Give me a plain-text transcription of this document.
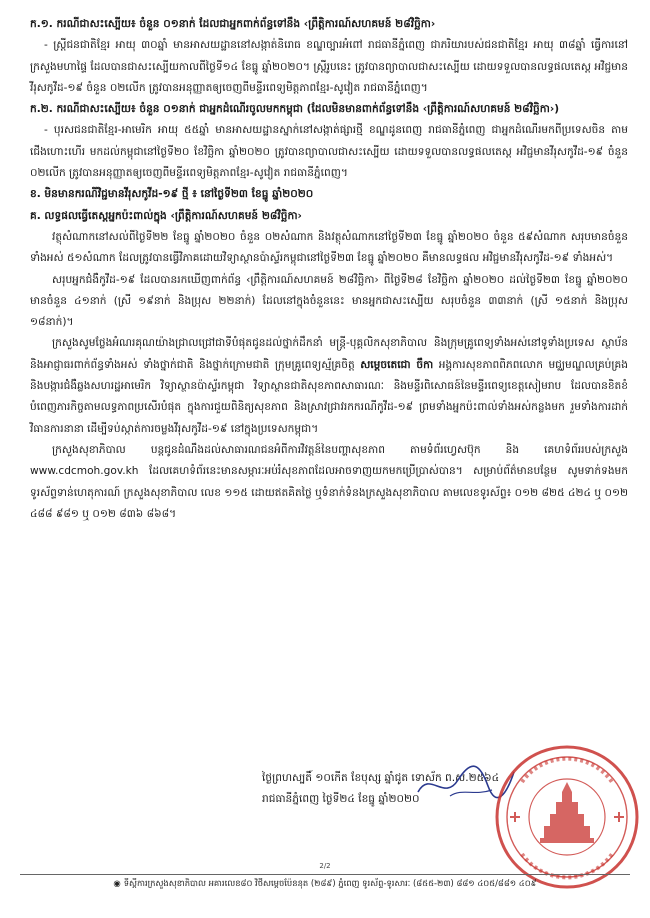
ក.១. ករណីជាសះស្បើយ៖ ចំនួន ០១នាក់ ដែលជាអ្នកពាក់ព័ន្ធទៅនឹង ‹ព្រឹត្តិការណ៍សហគមន៍ ២៨វិច្ឆិកា›

- ស្ត្រីជនជាតិខ្មែរ អាយុ ៣០ឆ្នាំ មានអាសយដ្ឋាននៅសង្កាត់និរោធ ខណ្ឌច្បារអំពៅ រាជធានីភ្នំពេញ ជាភរិយារបស់ជនជាតិខ្មែរ អាយុ ៣៨ឆ្នាំ ធ្វើការនៅក្រសួងមហាផ្ទៃ ដែលបានជាសះស្បើយកាលពីថ្ងៃទី១៤ ខែធ្នូ ឆ្នាំ២០២០។ ស្ត្រីរូបនេះ ត្រូវបានព្យាបាលជាសះស្បើយ ដោយទទួលបានលទ្ធផលតេស្ត អវិជ្ជមានវីរុសកូវីដ-១៩ ចំនួន ០២លើក ត្រូវបានអនុញ្ញាតឲ្យចេញពីមន្ទីរពេទ្យមិត្តភាពខ្មែរ-សូវៀត រាជធានីភ្នំពេញ។

ក.២. ករណីជាសះស្បើយ៖ ចំនួន ០១នាក់ ជាអ្នកដំណើរចូលមកកម្ពុជា (ដែលមិនមានពាក់ព័ន្ធទៅនឹង ‹ព្រឹត្តិការណ៍សហគមន៍ ២៨វិច្ឆិកា›)

- បុរសជនជាតិខ្មែរ-អាមេរិក អាយុ ៥៥ឆ្នាំ មានអាសយដ្ឋានស្នាក់នៅសង្កាត់ផ្សារថ្មី ខណ្ឌដូនពេញ រាជធានីភ្នំពេញ ជាអ្នកដំណើរមកពីប្រទេសចិន តាមជើងហោះហើរ មកដល់កម្ពុជានៅថ្ងៃទី២០ ខែវិច្ឆិកា ឆ្នាំ២០២០ ត្រូវបានព្យាបាលជាសះស្បើយ ដោយទទួលបានលទ្ធផលតេស្ត អវិជ្ជមានវីរុសកូវីដ-១៩ ចំនួន ០២លើក ត្រូវបានអនុញ្ញាតឲ្យចេញពីមន្ទីរពេទ្យមិត្តភាពខ្មែរ-សូវៀត រាជធានីភ្នំពេញ។

ខ. មិនមានករណីវិជ្ជមានវីរុសកូវីដ-១៩ ថ្មី ៖ នៅថ្ងៃទី២៣ ខែធ្នូ ឆ្នាំ២០២០

គ. លទ្ធផលធ្វើតេស្តអ្នកប៉ះពាល់ក្នុង ‹ព្រឹត្តិការណ៍សហគមន៍ ២៨វិច្ឆិកា›

វត្ថុសំណាកនៅសល់ពីថ្ងៃទី២២ ខែធ្នូ ឆ្នាំ២០២០ ចំនួន ០២សំណាក និងវត្ថុសំណាកនៅថ្ងៃទី២៣ ខែធ្នូ ឆ្នាំ២០២០ ចំនួន ៥៩សំណាក សរុបមានចំនួនទាំងអស់ ៥១សំណាក ដែលត្រូវបានធ្វើវិភាគដោយវិទ្យាស្ថានប៉ាស្ទ័រកម្ពុជានៅថ្ងៃទី២៣ ខែធ្នូ ឆ្នាំ២០២០ គឺមានលទ្ធផល អវិជ្ជមានវីរុសកូវីដ-១៩ ទាំងអស់។

សរុបអ្នកជំងឺកូវីដ-១៩ ដែលបានរកឃើញពាក់ព័ន្ធ ‹ព្រឹត្តិការណ៍សហគមន៍ ២៨វិច្ឆិកា› ពីថ្ងៃទី២៨ ខែវិច្ឆិកា ឆ្នាំ២០២០ ដល់ថ្ងៃទី២៣ ខែធ្នូ ឆ្នាំ២០២០ មានចំនួន ៤១នាក់ (ស្រី ១៩នាក់ និងប្រុស ២២នាក់) ដែលនៅក្នុងចំនួននេះ មានអ្នកជាសះស្បើយ សរុបចំនួន ៣៣នាក់ (ស្រី ១៥នាក់ និងប្រុស ១៨នាក់)។

ក្រសួងសូមថ្លែងអំណរគុណយ៉ាងជ្រាលជ្រៅជាទីបំផុតជូនដល់ថ្នាក់ដឹកនាំ មន្ត្រី-បុគ្គលិកសុខាភិបាល និងក្រុមគ្រូពេទ្យទាំងអស់នៅទូទាំងប្រទេស ស្ថាប័ន និងអាជ្ញាធរពាក់ព័ន្ធទាំងអស់ ទាំងថ្នាក់ជាតិ និងថ្នាក់ក្រោមជាតិ ក្រុមគ្រូពេទ្យស្ម័គ្រចិត្ត សម្ដេចតេជោ ចឹកា អង្គការសុខភាពពិភពលោក មជ្ឈមណ្ឌលគ្រប់គ្រង និងបង្ការជំងឺឆ្លងសហរដ្ឋអាមេរិក វិទ្យាស្ថានប៉ាស្ទ័រកម្ពុជា វិទ្យាស្ថានជាតិសុខភាពសាធារណៈ និងមន្ទីរពិសោធន៍នៃមន្ទីរពេទ្យខេត្តសៀមរាប ដែលបានខិតខំបំពេញភារកិច្ចតាមលទ្ធភាពប្រសើរបំផុត ក្នុងការជួយពិនិត្យសុខភាព និងស្រាវជ្រាវរកករណីកូវីដ-១៩ ព្រមទាំងអ្នកប៉ះពាល់ទាំងអស់កន្លងមក រួមទាំងការដាក់វិធានការនានា ដើម្បីទប់ស្កាត់ការចម្លងវីរុសកូវីដ-១៩ នៅក្នុងប្រទេសកម្ពុជា។

ក្រសួងសុខាភិបាល បន្តជូនដំណឹងដល់សាធារណជនអំពីការវិវត្តន៍នៃបញ្ហាសុខភាព តាមទំព័រហ្វេសប៊ុក និង គេហទំព័ររបស់ក្រសួង www.cdcmoh.gov.kh ដែលគេហទំព័រនេះមានសម្ភារៈអប់រំសុខភាពដែលអាចទាញយកមកប្រើប្រាស់បាន។ សម្រាប់ព័ត៌មានបន្ថែម សូមទាក់ទងមកទូរស័ព្ទទាន់ហេតុការណ៍ ក្រសួងសុខាភិបាល លេខ ១១៥ ដោយឥតគិតថ្លៃ ឬទំនាក់ទំនងក្រសួងសុខាភិបាល តាមលេខទូរស័ព្ទ៖ ០១២ ៨២៥ ៤២៤ ឬ ០១២ ៤៨៨ ៩៨១ ឬ ០១២ ៨៣៦ ៨៦៨។

ថ្ងៃព្រហស្បតិ៍ ១០កើត ខែបុស្ស ឆ្នាំជូត ទោស័ក ព.ស.២៥៦៤
រាជធានីភ្នំពេញ ថ្ងៃទី២៤ ខែធ្នូ ឆ្នាំ២០២០
2/2
◉ ទីស្តីការក្រសួងសុខាភិបាល អគារលេខ៨០ វិថីសម្ដេចប៉ែននុត (២៨៩) ភ្នំពេញ ទូរស័ព្ទ-ទូរសារៈ (៨៥៥-២៣) ៨៨១ ៤០៥/៨៨១ ៤០៩
